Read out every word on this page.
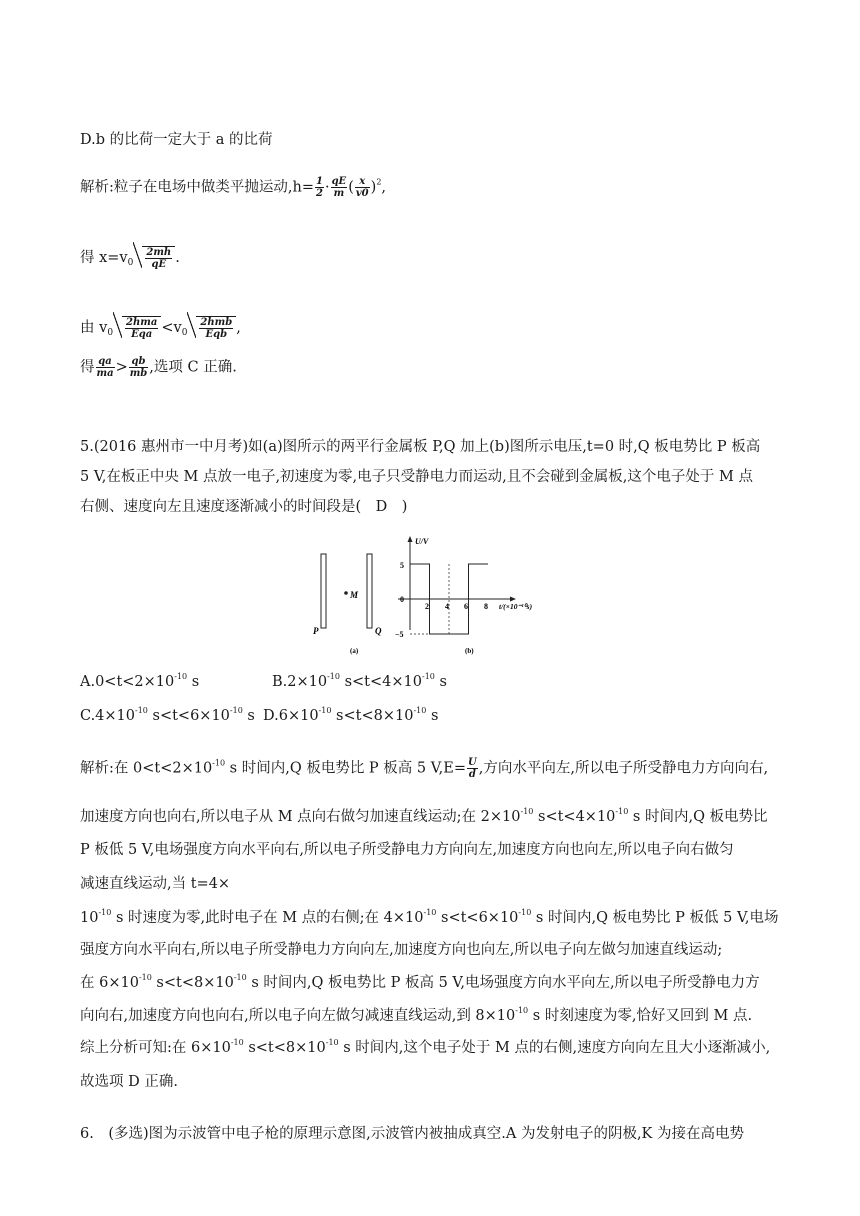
D.b 的比荷一定大于 a 的比荷
解析:粒子在电场中做类平抛运动$,h= \frac{1}{2} \cdot \frac{qE}{m}$ ( $\frac{x}{v0} )^2$,
得 $x=v_0 \frac{2mh}{qE}$ .
由 $v_0 \frac{\text{2hma}}{\text{Eqa}} <v_0 \frac{\text{2hmb}}{\text{Eqb}}$ ,
得 $\frac{qa}{ma} > \frac{qb}{mb}$ ,选项 C 正确.
5.(2016 惠州市一中月考)如(a)图所示的两平行金属板 P,Q 加上(b)图所示电压,t=0 时,Q 板电势比 P 板高
5 V,在板正中央 M 点放一电子,初速度为零,电子只受静电力而运动,且不会碰到金属板,这个电子处于 M 点
右侧、速度向左且速度逐渐减小的时间段是(　D　)
M
P	Q
(a)
U/V
t/(×10⁻¹⁰s)
5
0
−5
2 4 6 8
(b)
$A.0<t<2\times 10^{-10}$ s	$B.2\times 10^{-10}$ $s<t<4\times 10^{-10}$ s
$C.4\times 10^{-10}$ $s<t<6\times 10^{-10}$ s $D.6\times 10^{-10}$ $s<t<8\times 10^{-10}$ s
解析:在 $0<t<2\times 10^{-10}$ s 时间内,Q 板电势比 P 板高 5 $V,E= \frac{U}{d}$ ,方向水平向左,所以电子所受静电力方向向右,
加速度方向也向右,所以电子从 M 点向右做匀加速直线运动;在 $2\times 10^{-10}$ $s<t<4\times 10^{-10}$ s 时间内,Q 板电势比
P 板低 5 V,电场强度方向水平向右,所以电子所受静电力方向向左,加速度方向也向左,所以电子向右做匀
减速直线运动,当 t=4×
$10^{-10}$ s 时速度为零,此时电子在 M 点的右侧;在 $4\times 10^{-10}$ $s<t<6\times 10^{-10}$ s 时间内,Q 板电势比 P 板低 5 V,电场
强度方向水平向右,所以电子所受静电力方向向左,加速度方向也向左,所以电子向左做匀加速直线运动;
在 $6\times 10^{-10}$ $s<t<8\times 10^{-10}$ s 时间内,Q 板电势比 P 板高 5 V,电场强度方向水平向左,所以电子所受静电力方
向向右,加速度方向也向右,所以电子向左做匀减速直线运动,到 $8\times 10^{-10}$ s 时刻速度为零,恰好又回到 M 点.
综上分析可知:在 $6\times 10^{-10}$ $s<t<8\times 10^{-10}$ s 时间内,这个电子处于 M 点的右侧,速度方向向左且大小逐渐减小,
故选项 D 正确.
6.　(多选)图为示波管中电子枪的原理示意图,示波管内被抽成真空.A 为发射电子的阴极,K 为接在高电势
